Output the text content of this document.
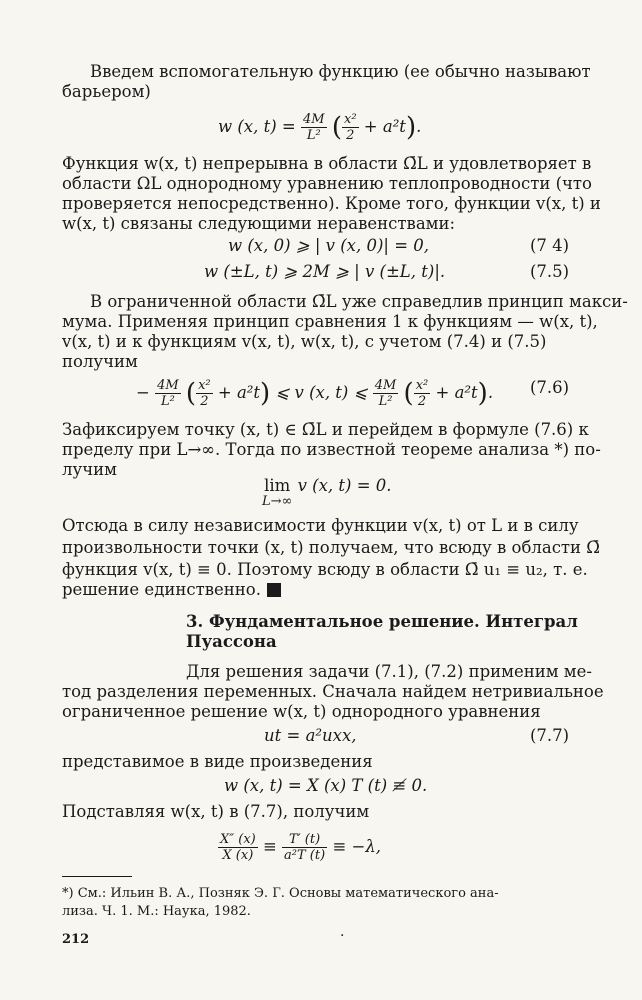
Введем вспомогательную функцию (ее обычно называют
барьером)
w (x, $t) = \frac{4M}{\text{L²}}$ ( $\frac{\text{x²}}{2} + a^2t$).
Функция w(x, t) непрерывна в области Ω̄L и удовлетворяет в
области ΩL однородному уравнению теплопроводности (что
проверяется непосредственно). Кроме того, функции v(x, t) и
w(x, t) связаны следующими неравенствами:
w (x, 0) ⩾ | v (x, 0)| = 0,	(7 4)
w (±L, t) ⩾ 2M ⩾ | v (±L, t)|.	(7.5)
В ограниченной области Ω̄L уже справедлив принцип макси-
мума. Применяя принцип сравнения 1 к функциям — w(x, t),
v(x, t) и к функциям v(x, t), w(x, t), с учетом (7.4) и (7.5)
получим
− $\frac{4M}{\text{L²}}$ ( $\frac{\text{x²}}{2} + a^2t$) ⩽ v (x, t) ⩽ $\frac{4M}{\text{L²}}$ ( $\frac{\text{x²}}{2} + a^2t$). (7.6)
Зафиксируем точку (x, t) ∈ Ω̄L и перейдем в формуле (7.6) к
пределу при L→∞. Тогда по известной теореме анализа *) по-
лучим
lim
L→∞
v (x, t) = 0.
Отсюда в силу независимости функции v(x, t) от L и в силу
произвольности точки (x, t) получаем, что всюду в области Ω̄
функция v(x, t) ≡ 0. Поэтому всюду в области Ω̄ u₁ ≡ u₂, т. е.
решение единственно.
3. Фундаментальное решение. Интеграл
Пуассона
Для решения задачи (7.1), (7.2) применим ме-
тод разделения переменных. Сначала найдем нетривиальное
ограниченное решение w(x, t) однородного уравнения
ut = a²uxx,	(7.7)
представимое в виде произведения
w (x, t) = X (x) T (t) ≢ 0.
Подставляя w(x, t) в (7.7), получим
$\frac{X'' (x)}{X (x)} \equiv \frac{T' (t)}{\text{a²T (t)}} \equiv -\lambda$,
*) См.: Ильин В. А., Позняк Э. Г. Основы математического ана-
лиза. Ч. 1. М.: Наука, 1982.
212	·
